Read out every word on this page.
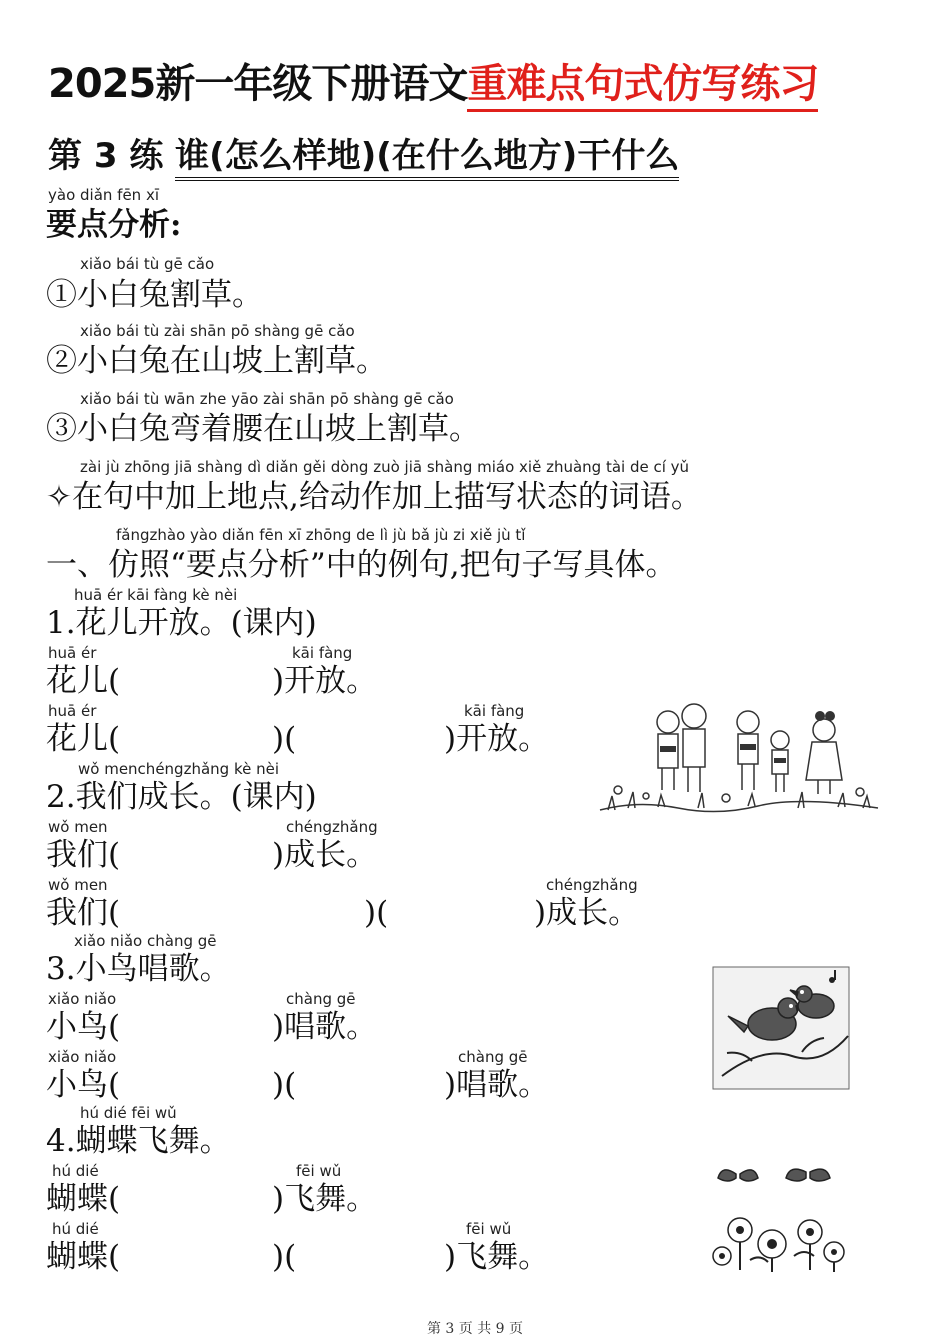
2025新一年级下册语文重难点句式仿写练习
第 3 练 谁(怎么样地)(在什么地方)干什么
yào diǎn fēn xī
要点分析:
xiǎo bái tù gē cǎo
①小白兔割草。
xiǎo bái tù zài shān pō shàng gē cǎo
②小白兔在山坡上割草。
xiǎo bái tù wān zhe yāo zài shān pō shàng gē cǎo
③小白兔弯着腰在山坡上割草。
zài jù zhōng jiā shàng dì diǎn gěi dòng zuò jiā shàng miáo xiě zhuàng tài de cí yǔ
✧在句中加上地点,给动作加上描写状态的词语。
fǎngzhào yào diǎn fēn xī zhōng de lì jù bǎ jù zi xiě jù tǐ
一、仿照“要点分析”中的例句,把句子写具体。
huā ér kāi fàng kè nèi
1.花儿开放。(课内)
huā ér	kāi fàng
花儿(	)开放。
huā ér	kāi fàng
花儿(	)(	)开放。
wǒ menchéngzhǎng kè nèi
2.我们成长。(课内)
wǒ men	chéngzhǎng
我们(	)成长。
wǒ men	chéngzhǎng
我们(	)(	)成长。
xiǎo niǎo chàng gē
3.小鸟唱歌。
xiǎo niǎo	chàng gē
小鸟(	)唱歌。
xiǎo niǎo	chàng gē
小鸟(	)(	)唱歌。
hú dié fēi wǔ
4.蝴蝶飞舞。
hú dié	fēi wǔ
蝴蝶(	)飞舞。
hú dié	fēi wǔ
蝴蝶(	)(	)飞舞。
第 3 页 共 9 页
